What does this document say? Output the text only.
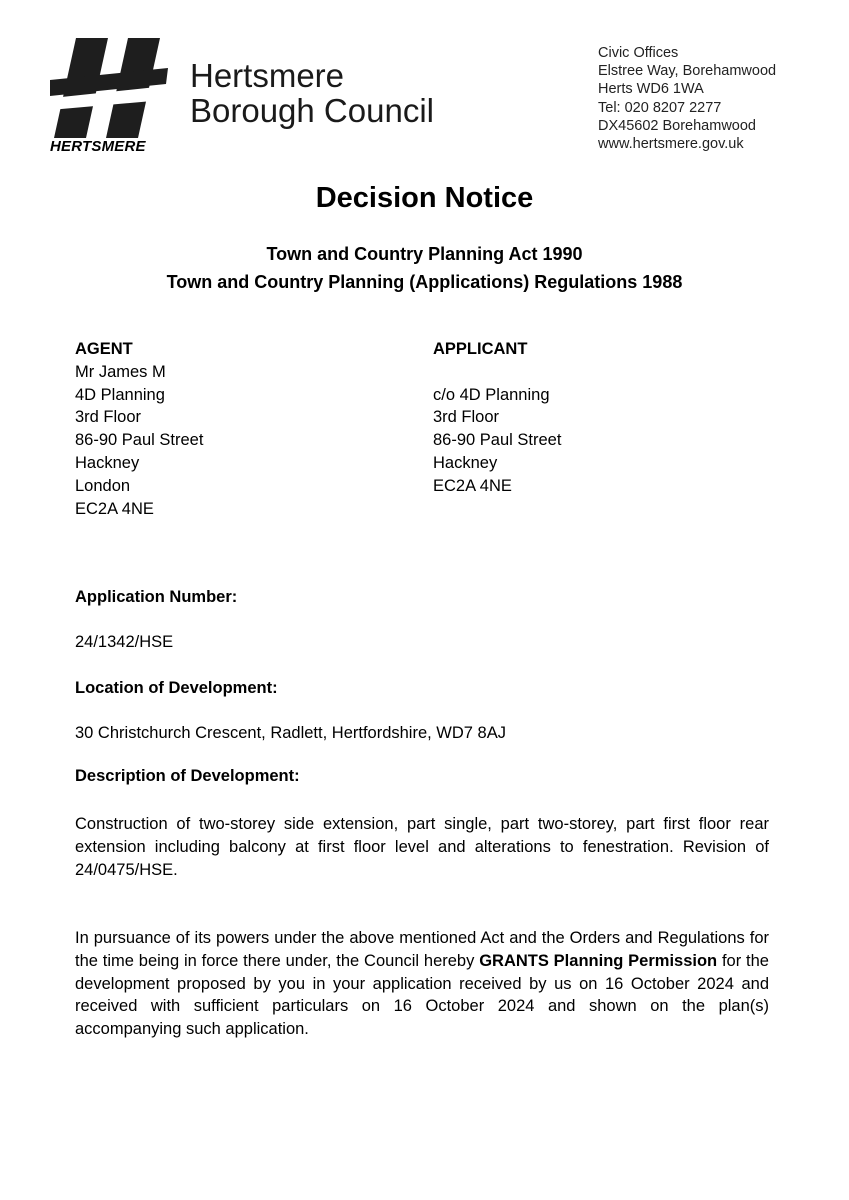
HERTSMERE
Hertsmere
Borough Council
Civic Offices
Elstree Way, Borehamwood
Herts WD6 1WA
Tel: 020 8207 2277
DX45602 Borehamwood
www.hertsmere.gov.uk
Decision Notice
Town and Country Planning Act 1990
Town and Country Planning (Applications) Regulations 1988
AGENT
Mr James M
4D Planning
3rd Floor
86-90 Paul Street
Hackney
London
EC2A 4NE
APPLICANT

c/o 4D Planning
3rd Floor
86-90 Paul Street
Hackney
EC2A 4NE
Application Number:
24/1342/HSE
Location of Development:
30 Christchurch Crescent, Radlett, Hertfordshire, WD7 8AJ
Description of Development:
Construction of two-storey side extension, part single, part two-storey, part first floor rear extension including balcony at first floor level and alterations to fenestration. Revision of 24/0475/HSE.
In pursuance of its powers under the above mentioned Act and the Orders and Regulations for the time being in force there under, the Council hereby GRANTS Planning Permission for the development proposed by you in your application received by us on 16 October 2024 and received with sufficient particulars on 16 October 2024 and shown on the plan(s) accompanying such application.
